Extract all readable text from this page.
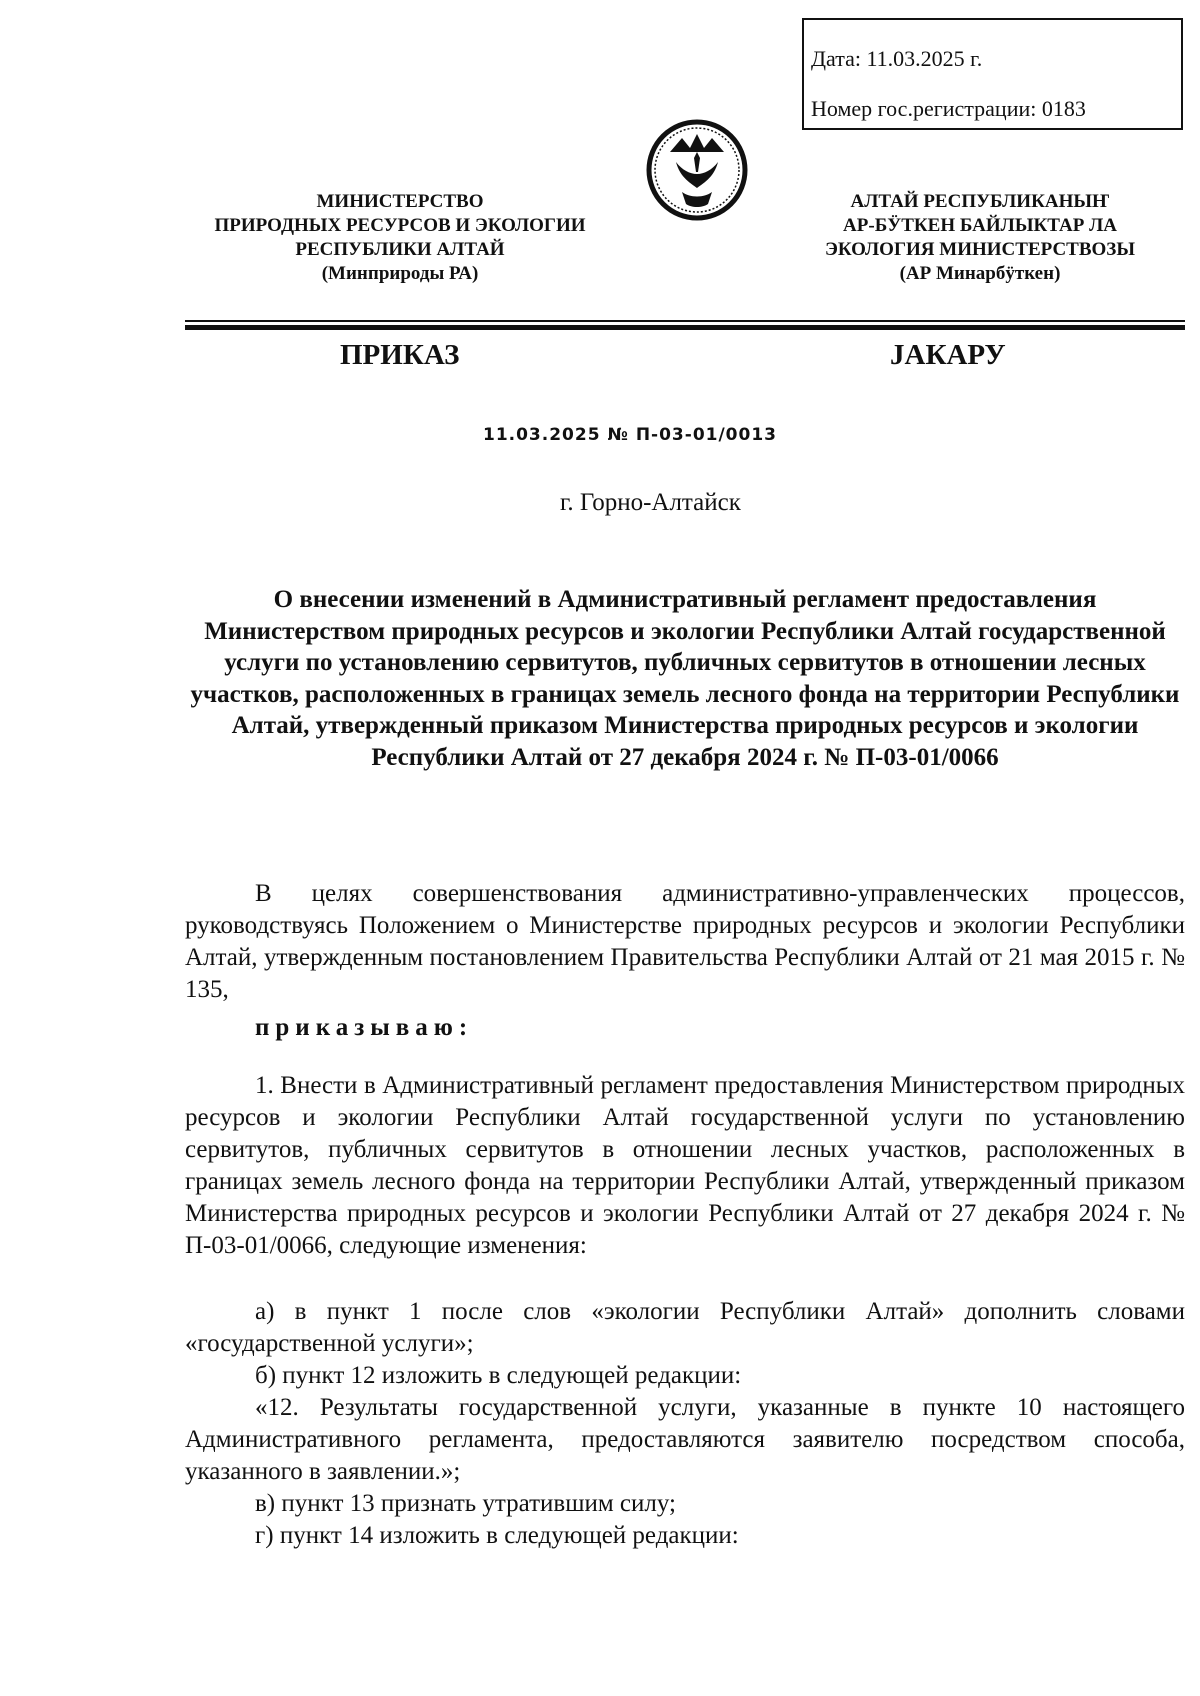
Дата: 11.03.2025 г.
Номер гос.регистрации: 0183
МИНИСТЕРСТВО
ПРИРОДНЫХ РЕСУРСОВ И ЭКОЛОГИИ
РЕСПУБЛИКИ АЛТАЙ
(Минприроды РА)
АЛТАЙ РЕСПУБЛИКАНЫҤ
АР-БӰТКЕН БАЙЛЫКТАР ЛА
ЭКОЛОГИЯ МИНИСТЕРСТВОЗЫ
(АР Минарбӱткен)
ПРИКАЗ	JАКАРУ
11.03.2025 № П-03-01/0013
г. Горно-Алтайск
О внесении изменений в Административный регламент предоставления Министерством природных ресурсов и экологии Республики Алтай государственной услуги по установлению сервитутов, публичных сервитутов в отношении лесных участков, расположенных в границах земель лесного фонда на территории Республики Алтай, утвержденный приказом Министерства природных ресурсов и экологии Республики Алтай от 27 декабря 2024 г. № П-03-01/0066
В целях совершенствования административно-управленческих процессов, руководствуясь Положением о Министерстве природных ресурсов и экологии Республики Алтай, утвержденным постановлением Правительства Республики Алтай от 21 мая 2015 г. № 135,
приказываю:
1. Внести в Административный регламент предоставления Министерством природных ресурсов и экологии Республики Алтай государственной услуги по установлению сервитутов, публичных сервитутов в отношении лесных участков, расположенных в границах земель лесного фонда на территории Республики Алтай, утвержденный приказом Министерства природных ресурсов и экологии Республики Алтай от 27 декабря 2024 г. № П-03-01/0066, следующие изменения:
а) в пункт 1 после слов «экологии Республики Алтай» дополнить словами «государственной услуги»;
б) пункт 12 изложить в следующей редакции:
«12. Результаты государственной услуги, указанные в пункте 10 настоящего Административного регламента, предоставляются заявителю посредством способа, указанного в заявлении.»;
в) пункт 13 признать утратившим силу;
г) пункт 14 изложить в следующей редакции:
